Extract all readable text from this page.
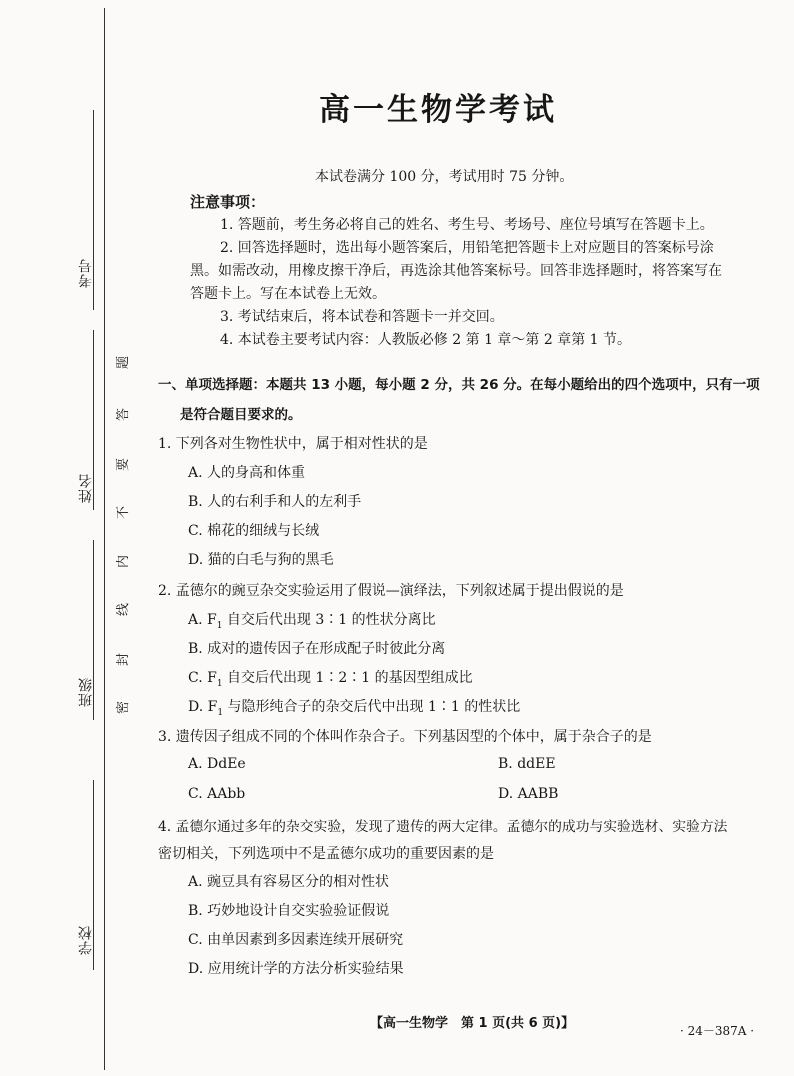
考号
姓名
班级
学校
题
答
要
不
内
线
封
密
高一生物学考试
本试卷满分 100 分，考试用时 75 分钟。
注意事项：
1. 答题前，考生务必将自己的姓名、考生号、考场号、座位号填写在答题卡上。
2. 回答选择题时，选出每小题答案后，用铅笔把答题卡上对应题目的答案标号涂
黑。如需改动，用橡皮擦干净后，再选涂其他答案标号。回答非选择题时，将答案写在
答题卡上。写在本试卷上无效。
3. 考试结束后，将本试卷和答题卡一并交回。
4. 本试卷主要考试内容：人教版必修 2 第 1 章～第 2 章第 1 节。
一、单项选择题：本题共 13 小题，每小题 2 分，共 26 分。在每小题给出的四个选项中，只有一项
是符合题目要求的。
1. 下列各对生物性状中，属于相对性状的是
A. 人的身高和体重
B. 人的右利手和人的左利手
C. 棉花的细绒与长绒
D. 猫的白毛与狗的黑毛
2. 孟德尔的豌豆杂交实验运用了假说—演绎法，下列叙述属于提出假说的是
A. $F_1$ 自交后代出现 3∶1 的性状分离比
B. 成对的遗传因子在形成配子时彼此分离
C. $F_1$ 自交后代出现 1∶2∶1 的基因型组成比
D. $F_1$ 与隐形纯合子的杂交后代中出现 1∶1 的性状比
3. 遗传因子组成不同的个体叫作杂合子。下列基因型的个体中，属于杂合子的是
A. DdEe	B. ddEE
C. AAbb	D. AABB
4. 孟德尔通过多年的杂交实验，发现了遗传的两大定律。孟德尔的成功与实验选材、实验方法
密切相关，下列选项中不是孟德尔成功的重要因素的是
A. 豌豆具有容易区分的相对性状
B. 巧妙地设计自交实验验证假说
C. 由单因素到多因素连续开展研究
D. 应用统计学的方法分析实验结果
【高一生物学　第 1 页(共 6 页)】	· 24－387A ·
